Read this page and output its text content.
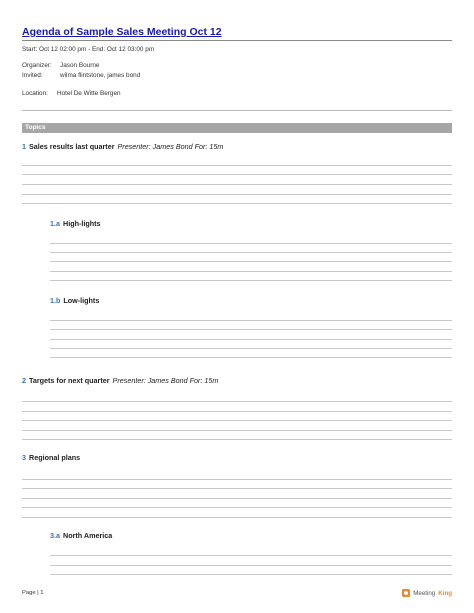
Agenda of Sample Sales Meeting Oct 12
Start: Oct 12 02:00 pm - End: Oct 12 03:00 pm
Organizer: Jason Bourne
Invited:	wilma flintstone, james bond
Location: Hotel De Witte Bergen
Topics
1 Sales results last quarter Presenter: James Bond For: 15m
1.a High-lights
1.b Low-lights
2 Targets for next quarter Presenter: James Bond For: 15m
3 Regional plans
3.a North America
Page | 1	Meeting King
